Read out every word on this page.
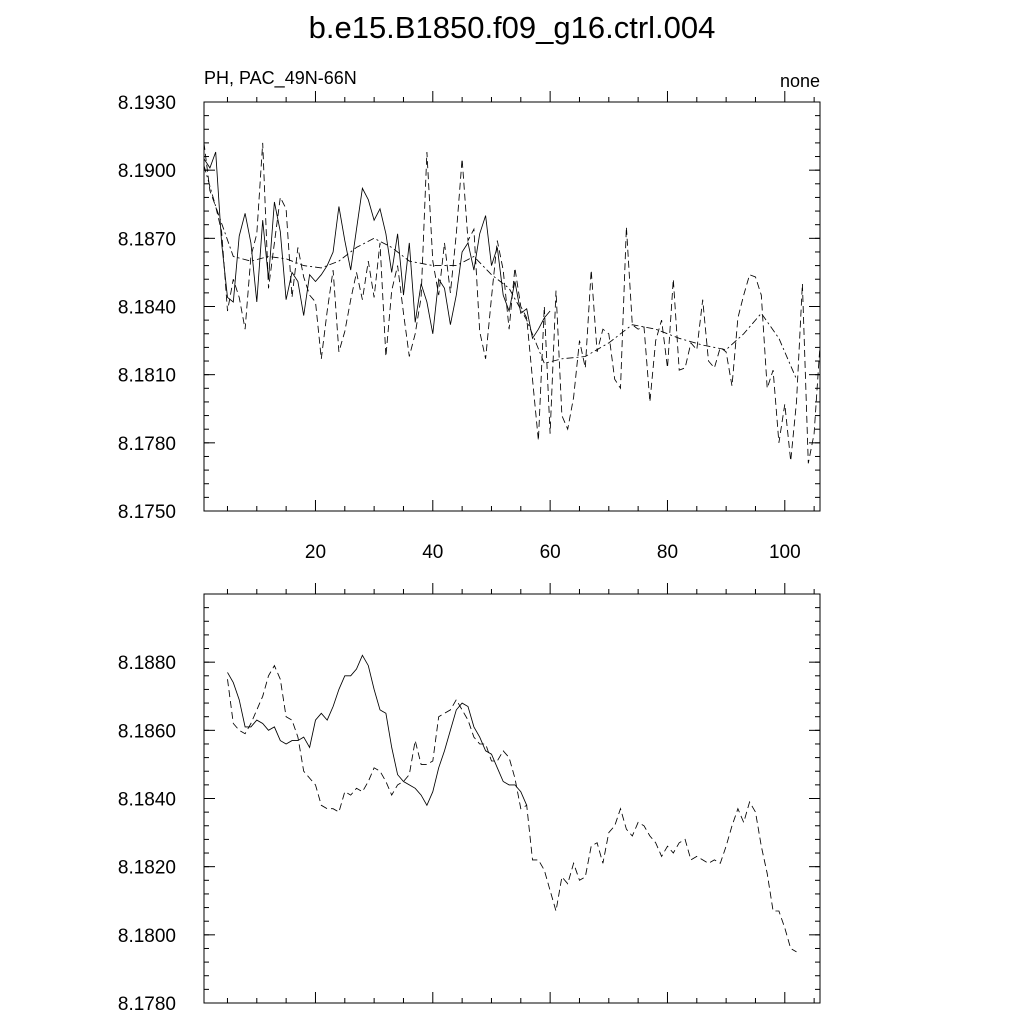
b.e15.B1850.f09_g16.ctrl.004
PH, PAC_49N-66N	none
8.1750
8.1780
8.1810
8.1840
8.1870
8.1900
8.1930
20	40	60	80	100
8.1780
8.1800
8.1820
8.1840
8.1860
8.1880
